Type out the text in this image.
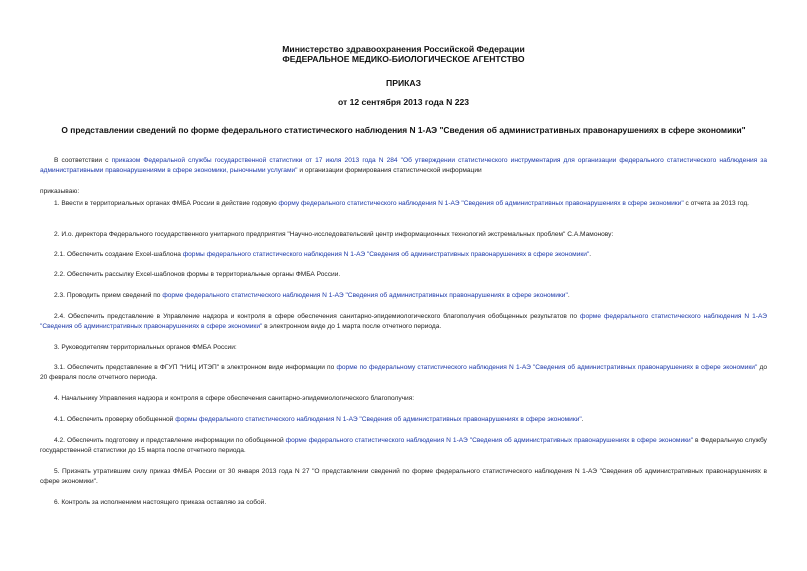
Министерство здравоохранения Российской Федерации
ФЕДЕРАЛЬНОЕ МЕДИКО-БИОЛОГИЧЕСКОЕ АГЕНТСТВО
ПРИКАЗ
от 12 сентября 2013 года N 223
О представлении сведений по форме федерального статистического наблюдения N 1-АЭ "Сведения об административных правонарушениях в сфере экономики"
В соответствии с приказом Федеральной службы государственной статистики от 17 июля 2013 года N 284 "Об утверждении статистического инструментария для организации федерального статистического наблюдения за административными правонарушениями в сфере экономики, рыночными услугами" и организации формирования статистической информации
приказываю:
1. Ввести в территориальных органах ФМБА России в действие годовую форму федерального статистического наблюдения N 1-АЭ "Сведения об административных правонарушениях в сфере экономики" с отчета за 2013 год.
2. И.о. директора Федерального государственного унитарного предприятия "Научно-исследовательский центр информационных технологий экстремальных проблем" С.А.Мамонову:
2.1. Обеспечить создание Excel-шаблона формы федерального статистического наблюдения N 1-АЭ "Сведения об административных правонарушениях в сфере экономики".
2.2. Обеспечить рассылку Excel-шаблонов формы в территориальные органы ФМБА России.
2.3. Проводить прием сведений по форме федерального статистического наблюдения N 1-АЭ "Сведения об административных правонарушениях в сфере экономики".
2.4. Обеспечить представление в Управление надзора и контроля в сфере обеспечения санитарно-эпидемиологического благополучия обобщенных результатов по форме федерального статистического наблюдения N 1-АЭ "Сведения об административных правонарушениях в сфере экономики" в электронном виде до 1 марта после отчетного периода.
3. Руководителям территориальных органов ФМБА России:
3.1. Обеспечить представление в ФГУП "НИЦ ИТЭП" в электронном виде информации по форме по федеральному статистического наблюдения N 1-АЭ "Сведения об административных правонарушениях в сфере экономики" до 20 февраля после отчетного периода.
4. Начальнику Управления надзора и контроля в сфере обеспечения санитарно-эпидемиологического благополучия:
4.1. Обеспечить проверку обобщенной формы федерального статистического наблюдения N 1-АЭ "Сведения об административных правонарушениях в сфере экономики".
4.2. Обеспечить подготовку и представление информации по обобщенной форме федерального статистического наблюдения N 1-АЭ "Сведения об административных правонарушениях в сфере экономики" в Федеральную службу государственной статистики до 15 марта после отчетного периода.
5. Признать утратившим силу приказ ФМБА России от 30 января 2013 года N 27 "О представлении сведений по форме федерального статистического наблюдения N 1-АЭ "Сведения об административных правонарушениях в сфере экономики".
6. Контроль за исполнением настоящего приказа оставляю за собой.
